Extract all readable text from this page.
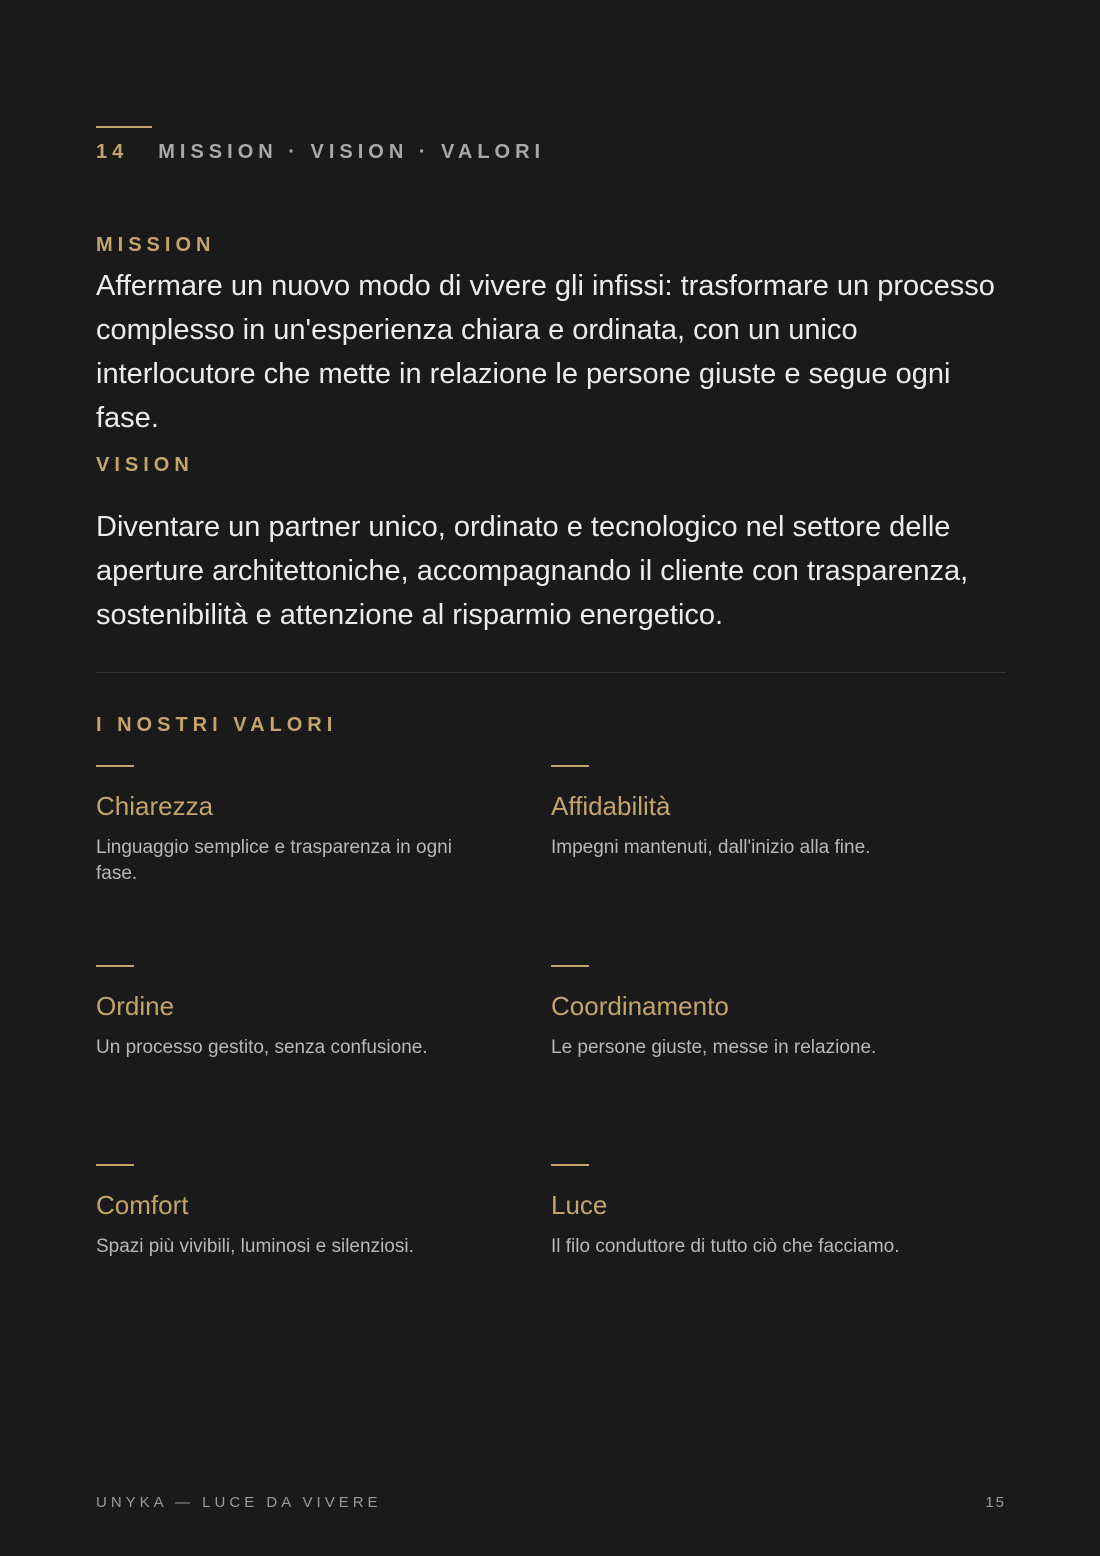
14 MISSION · VISION · VALORI
MISSION

Affermare un nuovo modo di vivere gli infissi: trasformare un processo complesso in un'esperienza chiara e ordinata, con un unico interlocutore che mette in relazione le persone giuste e segue ogni fase.

VISION

Diventare un partner unico, ordinato e tecnologico nel settore delle aperture architettoniche, accompagnando il cliente con trasparenza, sostenibilità e attenzione al risparmio energetico.

I NOSTRI VALORI
Chiarezza
Linguaggio semplice e trasparenza in ogni fase.
Affidabilità
Impegni mantenuti, dall'inizio alla fine.
Ordine
Un processo gestito, senza confusione.
Coordinamento
Le persone giuste, messe in relazione.
Comfort
Spazi più vivibili, luminosi e silenziosi.
Luce
Il filo conduttore di tutto ciò che facciamo.
UNYKA — LUCE DA VIVERE	15
